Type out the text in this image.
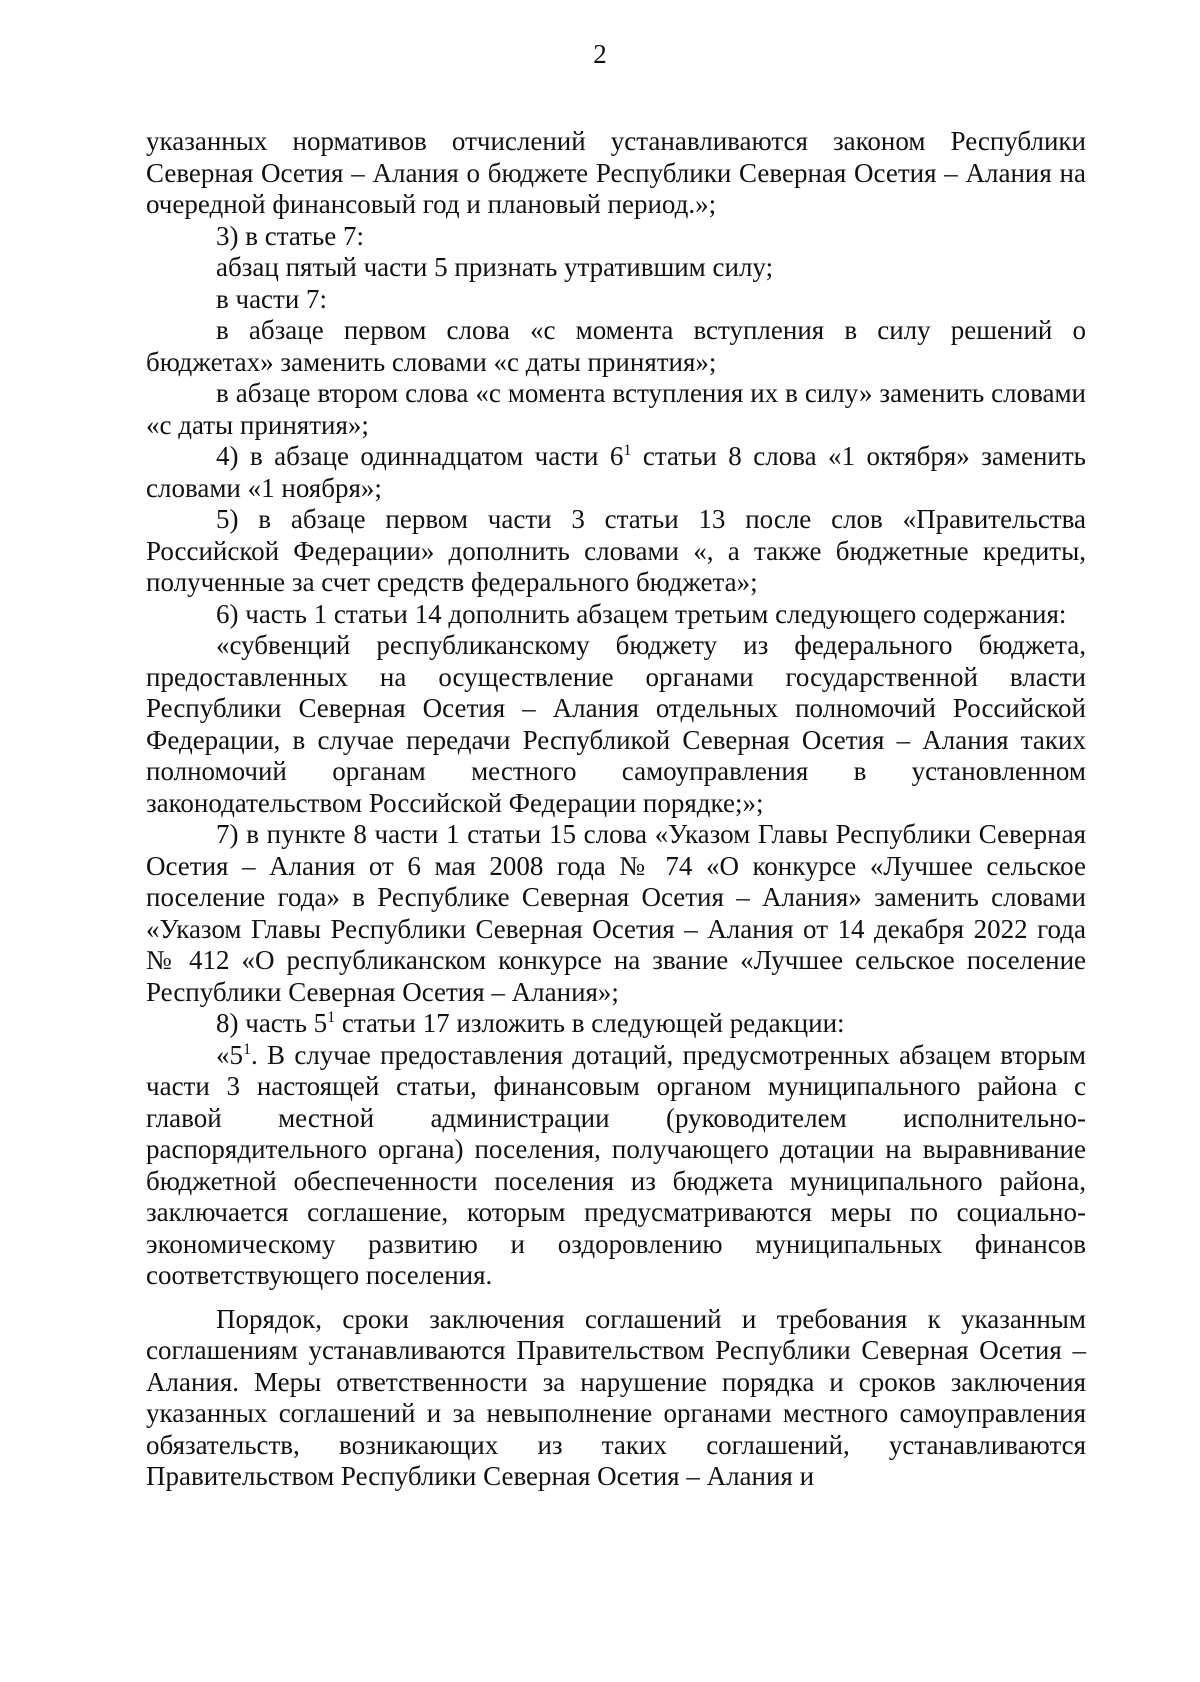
2

указанных нормативов отчислений устанавливаются законом Республики Северная Осетия – Алания о бюджете Республики Северная Осетия – Алания на очередной финансовый год и плановый период.»;

3) в статье 7:

абзац пятый части 5 признать утратившим силу;

в части 7:

в абзаце первом слова «с момента вступления в силу решений о бюджетах» заменить словами «с даты принятия»;

в абзаце втором слова «с момента вступления их в силу» заменить словами «с даты принятия»;

4) в абзаце одиннадцатом части $6^1$ статьи 8 слова «1 октября» заменить словами «1 ноября»;

5) в абзаце первом части 3 статьи 13 после слов «Правительства Российской Федерации» дополнить словами «, а также бюджетные кредиты, полученные за счет средств федерального бюджета»;

6) часть 1 статьи 14 дополнить абзацем третьим следующего содержания:

«субвенций республиканскому бюджету из федерального бюджета, предоставленных на осуществление органами государственной власти Республики Северная Осетия – Алания отдельных полномочий Российской Федерации, в случае передачи Республикой Северная Осетия – Алания таких полномочий органам местного самоуправления в установленном законодательством Российской Федерации порядке;»;

7) в пункте 8 части 1 статьи 15 слова «Указом Главы Республики Северная Осетия – Алания от 6 мая 2008 года № 74 «О конкурсе «Лучшее сельское поселение года» в Республике Северная Осетия – Алания» заменить словами «Указом Главы Республики Северная Осетия – Алания от 14 декабря 2022 года № 412 «О республиканском конкурсе на звание «Лучшее сельское поселение Республики Северная Осетия – Алания»;

8) часть $5^1$ статьи 17 изложить в следующей редакции:

«$5^1$. В случае предоставления дотаций, предусмотренных абзацем вторым части 3 настоящей статьи, финансовым органом муниципального района с главой местной администрации (руководителем исполнительно-распорядительного органа) поселения, получающего дотации на выравнивание бюджетной обеспеченности поселения из бюджета муниципального района, заключается соглашение, которым предусматриваются меры по социально-экономическому развитию и оздоровлению муниципальных финансов соответствующего поселения.

Порядок, сроки заключения соглашений и требования к указанным соглашениям устанавливаются Правительством Республики Северная Осетия – Алания. Меры ответственности за нарушение порядка и сроков заключения указанных соглашений и за невыполнение органами местного самоуправления обязательств, возникающих из таких соглашений, устанавливаются Правительством Республики Северная Осетия – Алания и
